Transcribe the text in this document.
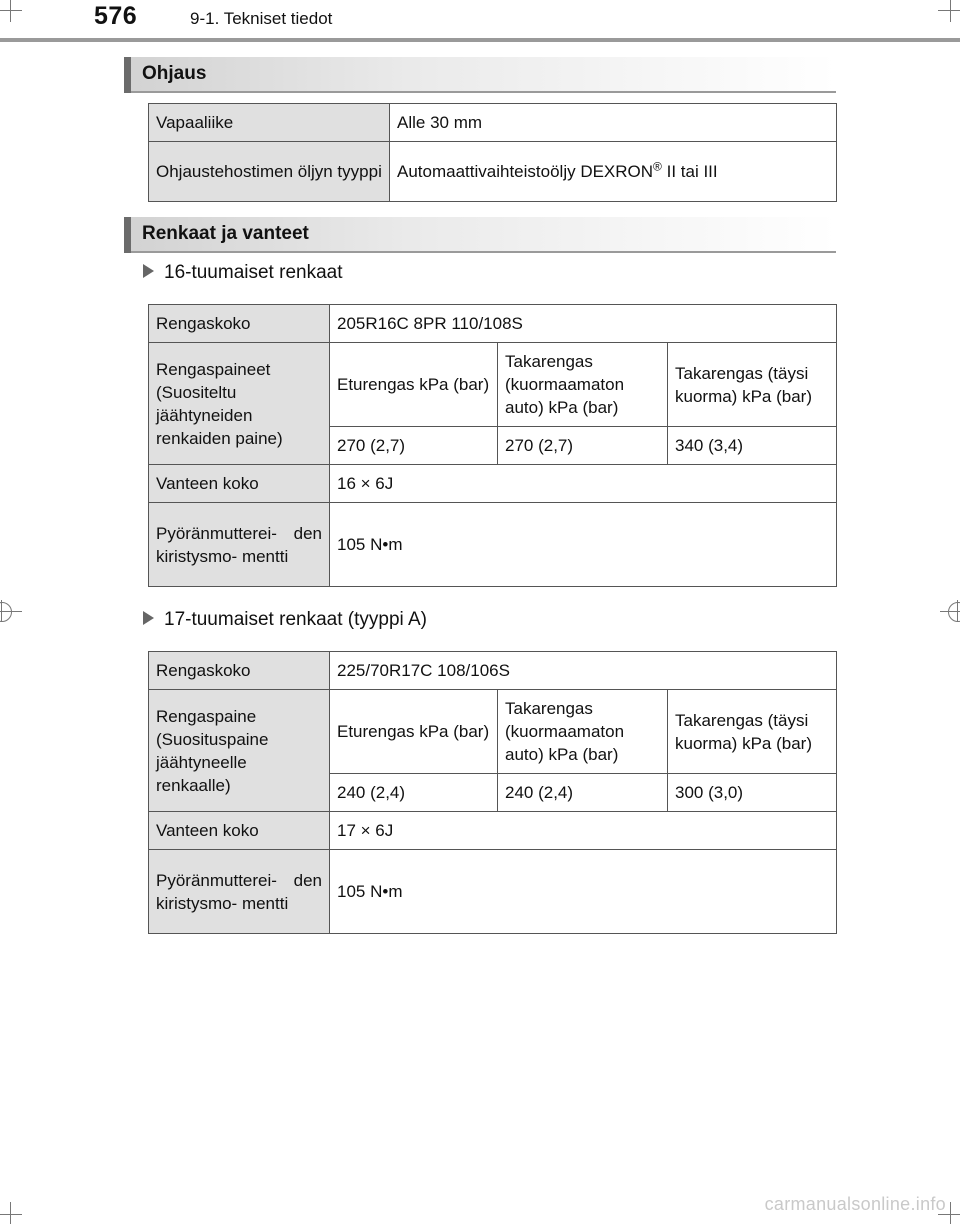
576	9-1. Tekniset tiedot
Ohjaus
Vapaaliike	Alle 30 mm
Ohjaustehostimen öljyn tyyppi	Automaattivaihteistoöljy DEXRON® II tai III
Renkaat ja vanteet
16-tuumaiset renkaat
Rengaskoko	205R16C 8PR 110/108S		
Rengaspaineet (Suositeltu jäähtyneiden renkaiden paine)	Eturengas kPa (bar)	Takarengas (kuormaamaton auto) kPa (bar)	Takarengas (täysi kuorma) kPa (bar)
	270 (2,7)	270 (2,7)	340 (3,4)
Vanteen koko	16 × 6J		
Pyöränmutterei- den kiristysmo- mentti	105 N•m		
17-tuumaiset renkaat (tyyppi A)
Rengaskoko	225/70R17C 108/106S		
Rengaspaine (Suosituspaine jäähtyneelle renkaalle)	Eturengas kPa (bar)	Takarengas (kuormaamaton auto) kPa (bar)	Takarengas (täysi kuorma) kPa (bar)
	240 (2,4)	240 (2,4)	300 (3,0)
Vanteen koko	17 × 6J		
Pyöränmutterei- den kiristysmo- mentti	105 N•m		
carmanualsonline.info
